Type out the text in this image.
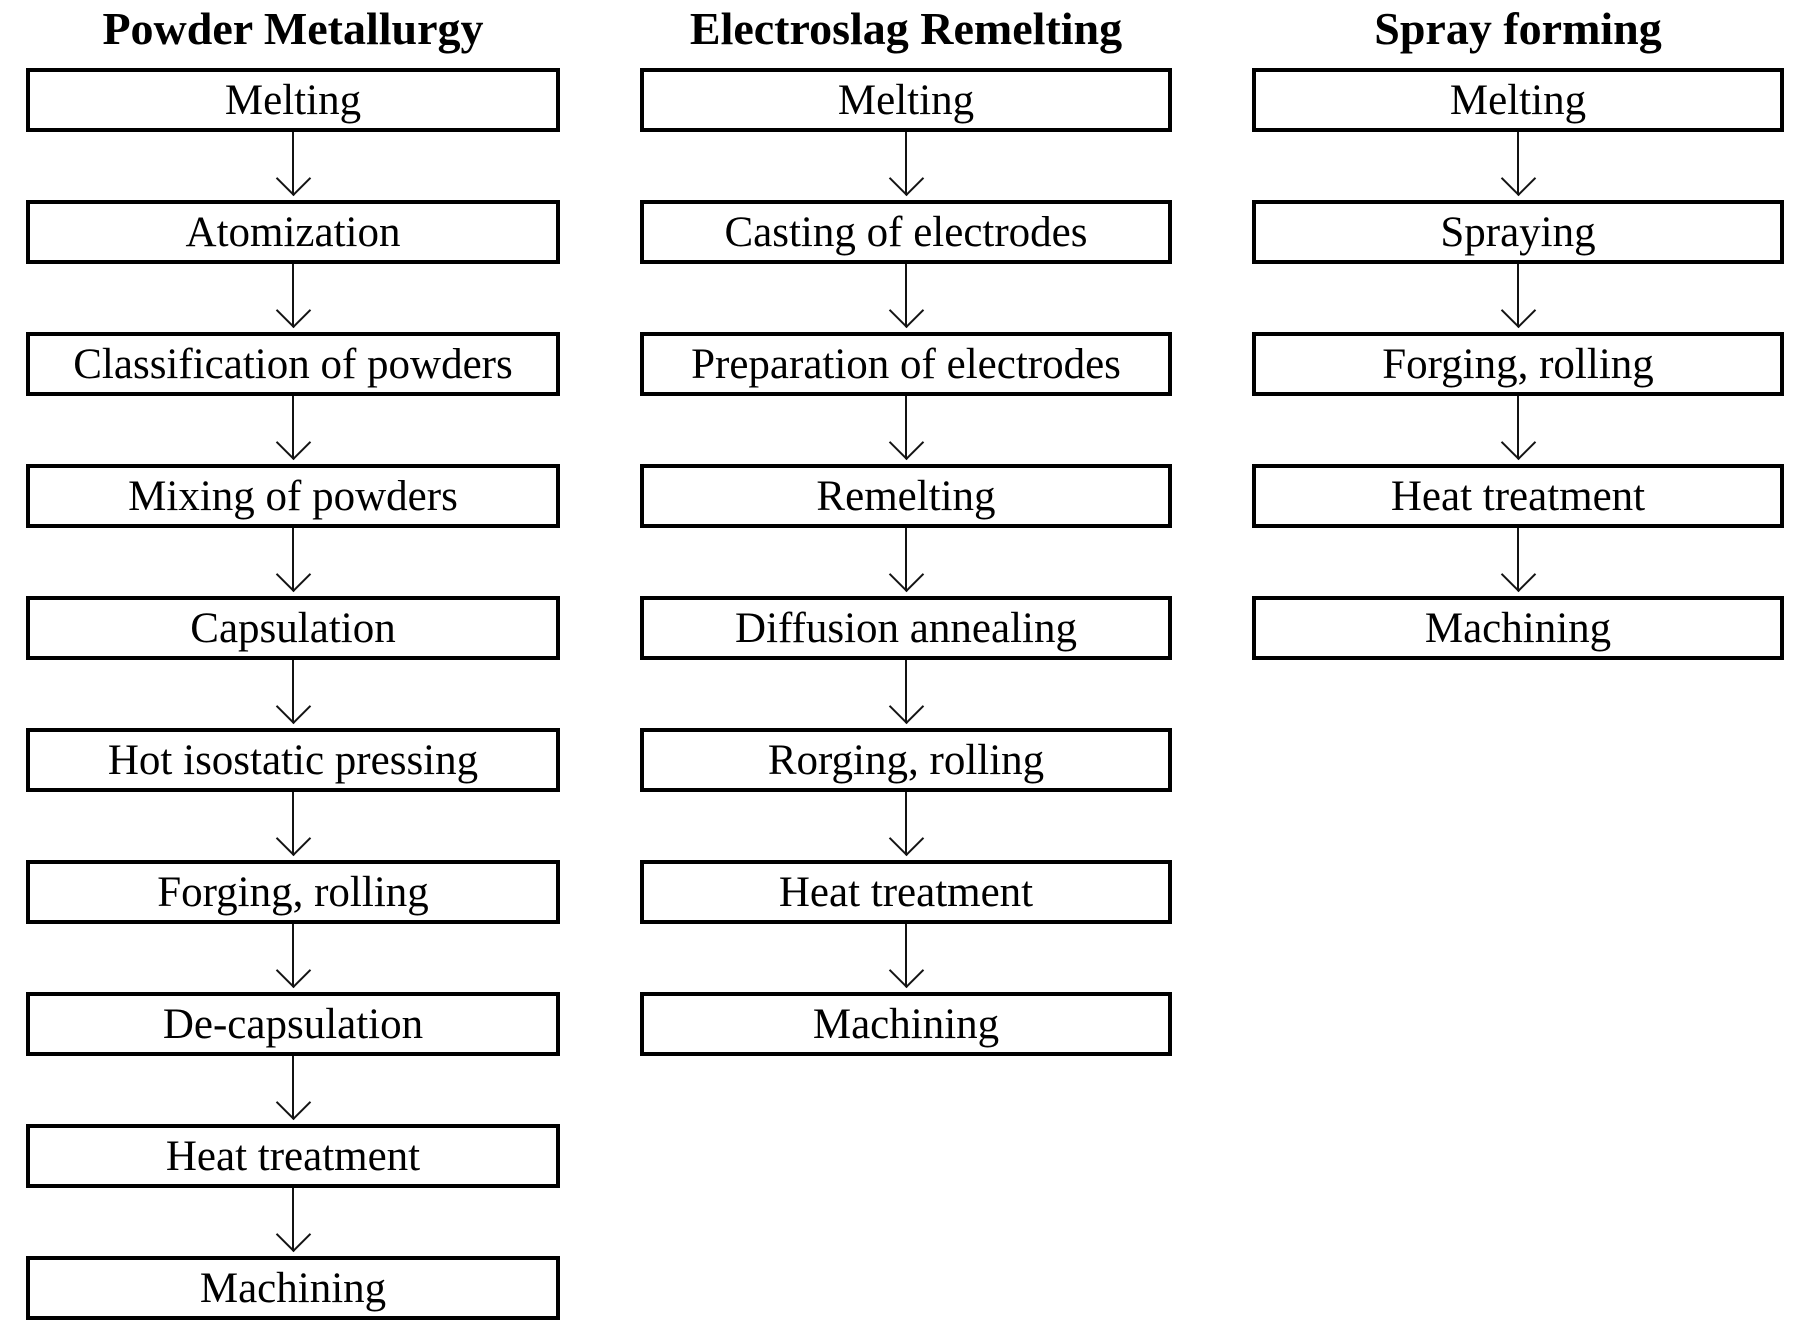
Powder Metallurgy
Melting
Atomization
Classification of powders
Mixing of powders
Capsulation
Hot isostatic pressing
Forging, rolling
De-capsulation
Heat treatment
Machining
Electroslag Remelting
Melting
Casting of electrodes
Preparation of electrodes
Remelting
Diffusion annealing
Rorging, rolling
Heat treatment
Machining
Spray forming
Melting
Spraying
Forging, rolling
Heat treatment
Machining
